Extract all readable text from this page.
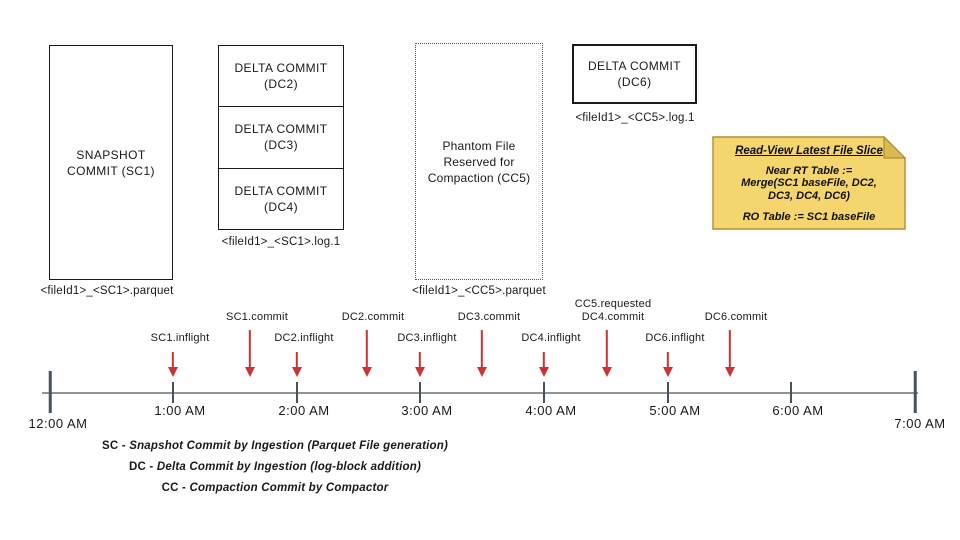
SNAPSHOT
COMMIT (SC1)
<fileId1>_<SC1>.parquet
DELTA COMMIT
(DC2)
DELTA COMMIT
(DC3)
DELTA COMMIT
(DC4)
<fileId1>_<SC1>.log.1
Phantom File
Reserved for
Compaction (CC5)
<fileId1>_<CC5>.parquet
DELTA COMMIT
(DC6)
<fileId1>_<CC5>.log.1
Read-View Latest File Slice
Near RT Table :=
Merge(SC1 baseFile, DC2,
DC3, DC4, DC6)
RO Table := SC1 baseFile
SC1.commit	DC2.commit	DC3.commit
CC5.requested
DC4.commit	DC6.commit
SC1.inflight	DC2.inflight	DC3.inflight	DC4.inflight	DC6.inflight
12:00 AM
1:00 AM	2:00 AM	3:00 AM	4:00 AM	5:00 AM	6:00 AM
7:00 AM
SC - Snapshot Commit by Ingestion (Parquet File generation)
DC - Delta Commit by Ingestion (log-block addition)
CC - Compaction Commit by Compactor
